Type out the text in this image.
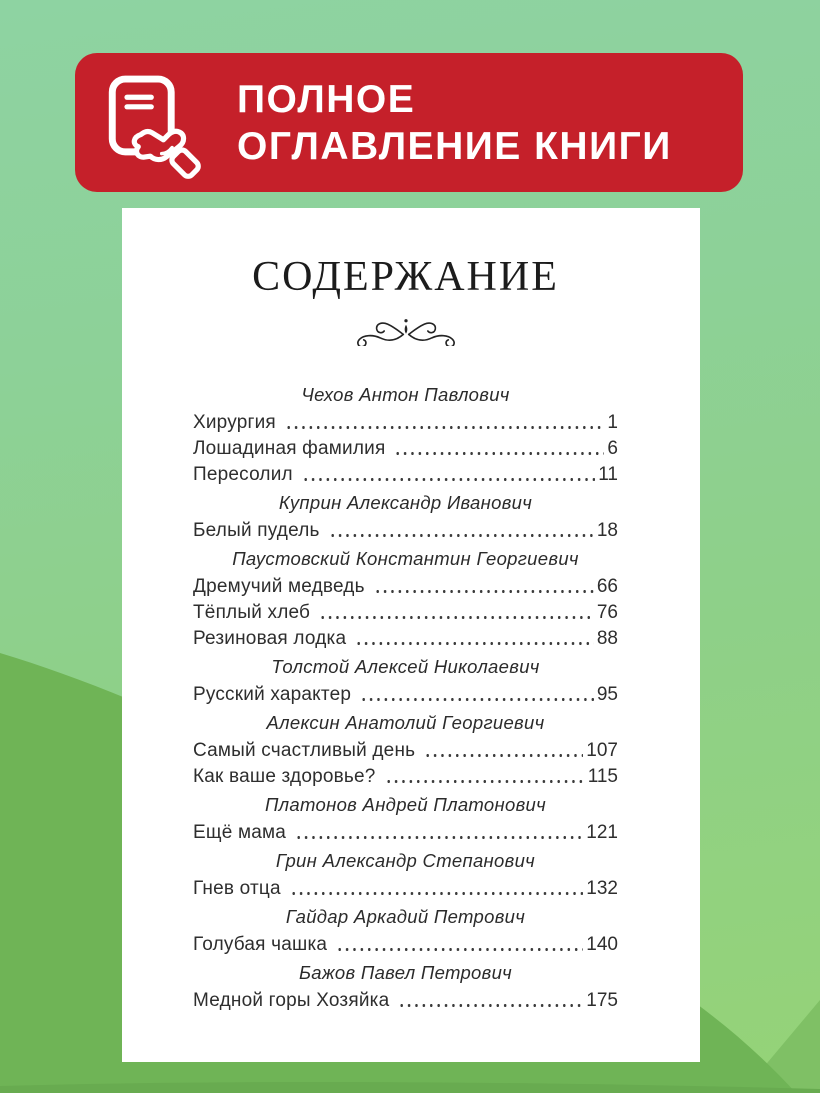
ПОЛНОЕ
ОГЛАВЛЕНИЕ КНИГИ
СОДЕРЖАНИЕ
Чехов Антон Павлович
Хирургия	1
Лошадиная фамилия	6
Пересолил	11
Куприн Александр Иванович
Белый пудель	18
Паустовский Константин Георгиевич
Дремучий медведь	66
Тёплый хлеб	76
Резиновая лодка	88
Толстой Алексей Николаевич
Русский характер	95
Алексин Анатолий Георгиевич
Самый счастливый день	107
Как ваше здоровье?	115
Платонов Андрей Платонович
Ещё мама	121
Грин Александр Степанович
Гнев отца	132
Гайдар Аркадий Петрович
Голубая чашка	140
Бажов Павел Петрович
Медной горы Хозяйка	175
